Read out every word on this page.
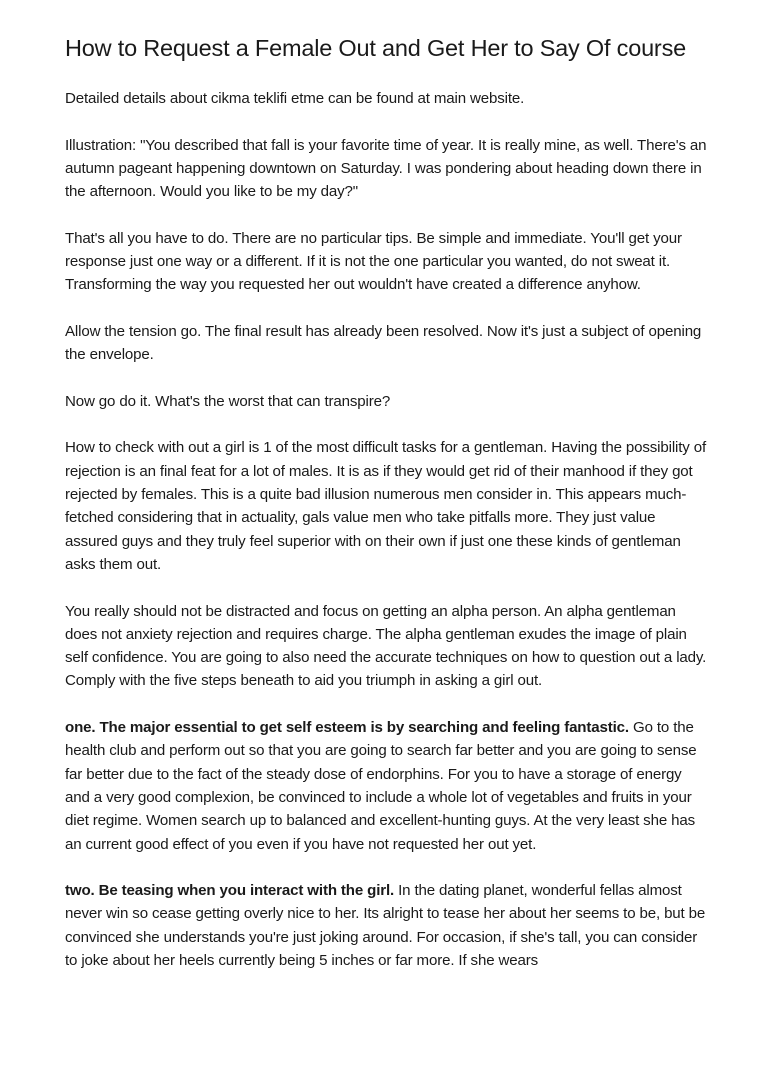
How to Request a Female Out and Get Her to Say Of course

Detailed details about cikma teklifi etme can be found at main website.

Illustration: "You described that fall is your favorite time of year. It is really mine, as well. There's an autumn pageant happening downtown on Saturday. I was pondering about heading down there in the afternoon. Would you like to be my day?"

That's all you have to do. There are no particular tips. Be simple and immediate. You'll get your response just one way or a different. If it is not the one particular you wanted, do not sweat it. Transforming the way you requested her out wouldn't have created a difference anyhow.

Allow the tension go. The final result has already been resolved. Now it's just a subject of opening the envelope.

Now go do it. What's the worst that can transpire?

How to check with out a girl is 1 of the most difficult tasks for a gentleman. Having the possibility of rejection is an final feat for a lot of males. It is as if they would get rid of their manhood if they got rejected by females. This is a quite bad illusion numerous men consider in. This appears much-fetched considering that in actuality, gals value men who take pitfalls more. They just value assured guys and they truly feel superior with on their own if just one these kinds of gentleman asks them out.

You really should not be distracted and focus on getting an alpha person. An alpha gentleman does not anxiety rejection and requires charge. The alpha gentleman exudes the image of plain self confidence. You are going to also need the accurate techniques on how to question out a lady. Comply with the five steps beneath to aid you triumph in asking a girl out.

one. The major essential to get self esteem is by searching and feeling fantastic. Go to the health club and perform out so that you are going to search far better and you are going to sense far better due to the fact of the steady dose of endorphins. For you to have a storage of energy and a very good complexion, be convinced to include a whole lot of vegetables and fruits in your diet regime. Women search up to balanced and excellent-hunting guys. At the very least she has an current good effect of you even if you have not requested her out yet.

two. Be teasing when you interact with the girl. In the dating planet, wonderful fellas almost never win so cease getting overly nice to her. Its alright to tease her about her seems to be, but be convinced she understands you're just joking around. For occasion, if she's tall, you can consider to joke about her heels currently being 5 inches or far more. If she wears
